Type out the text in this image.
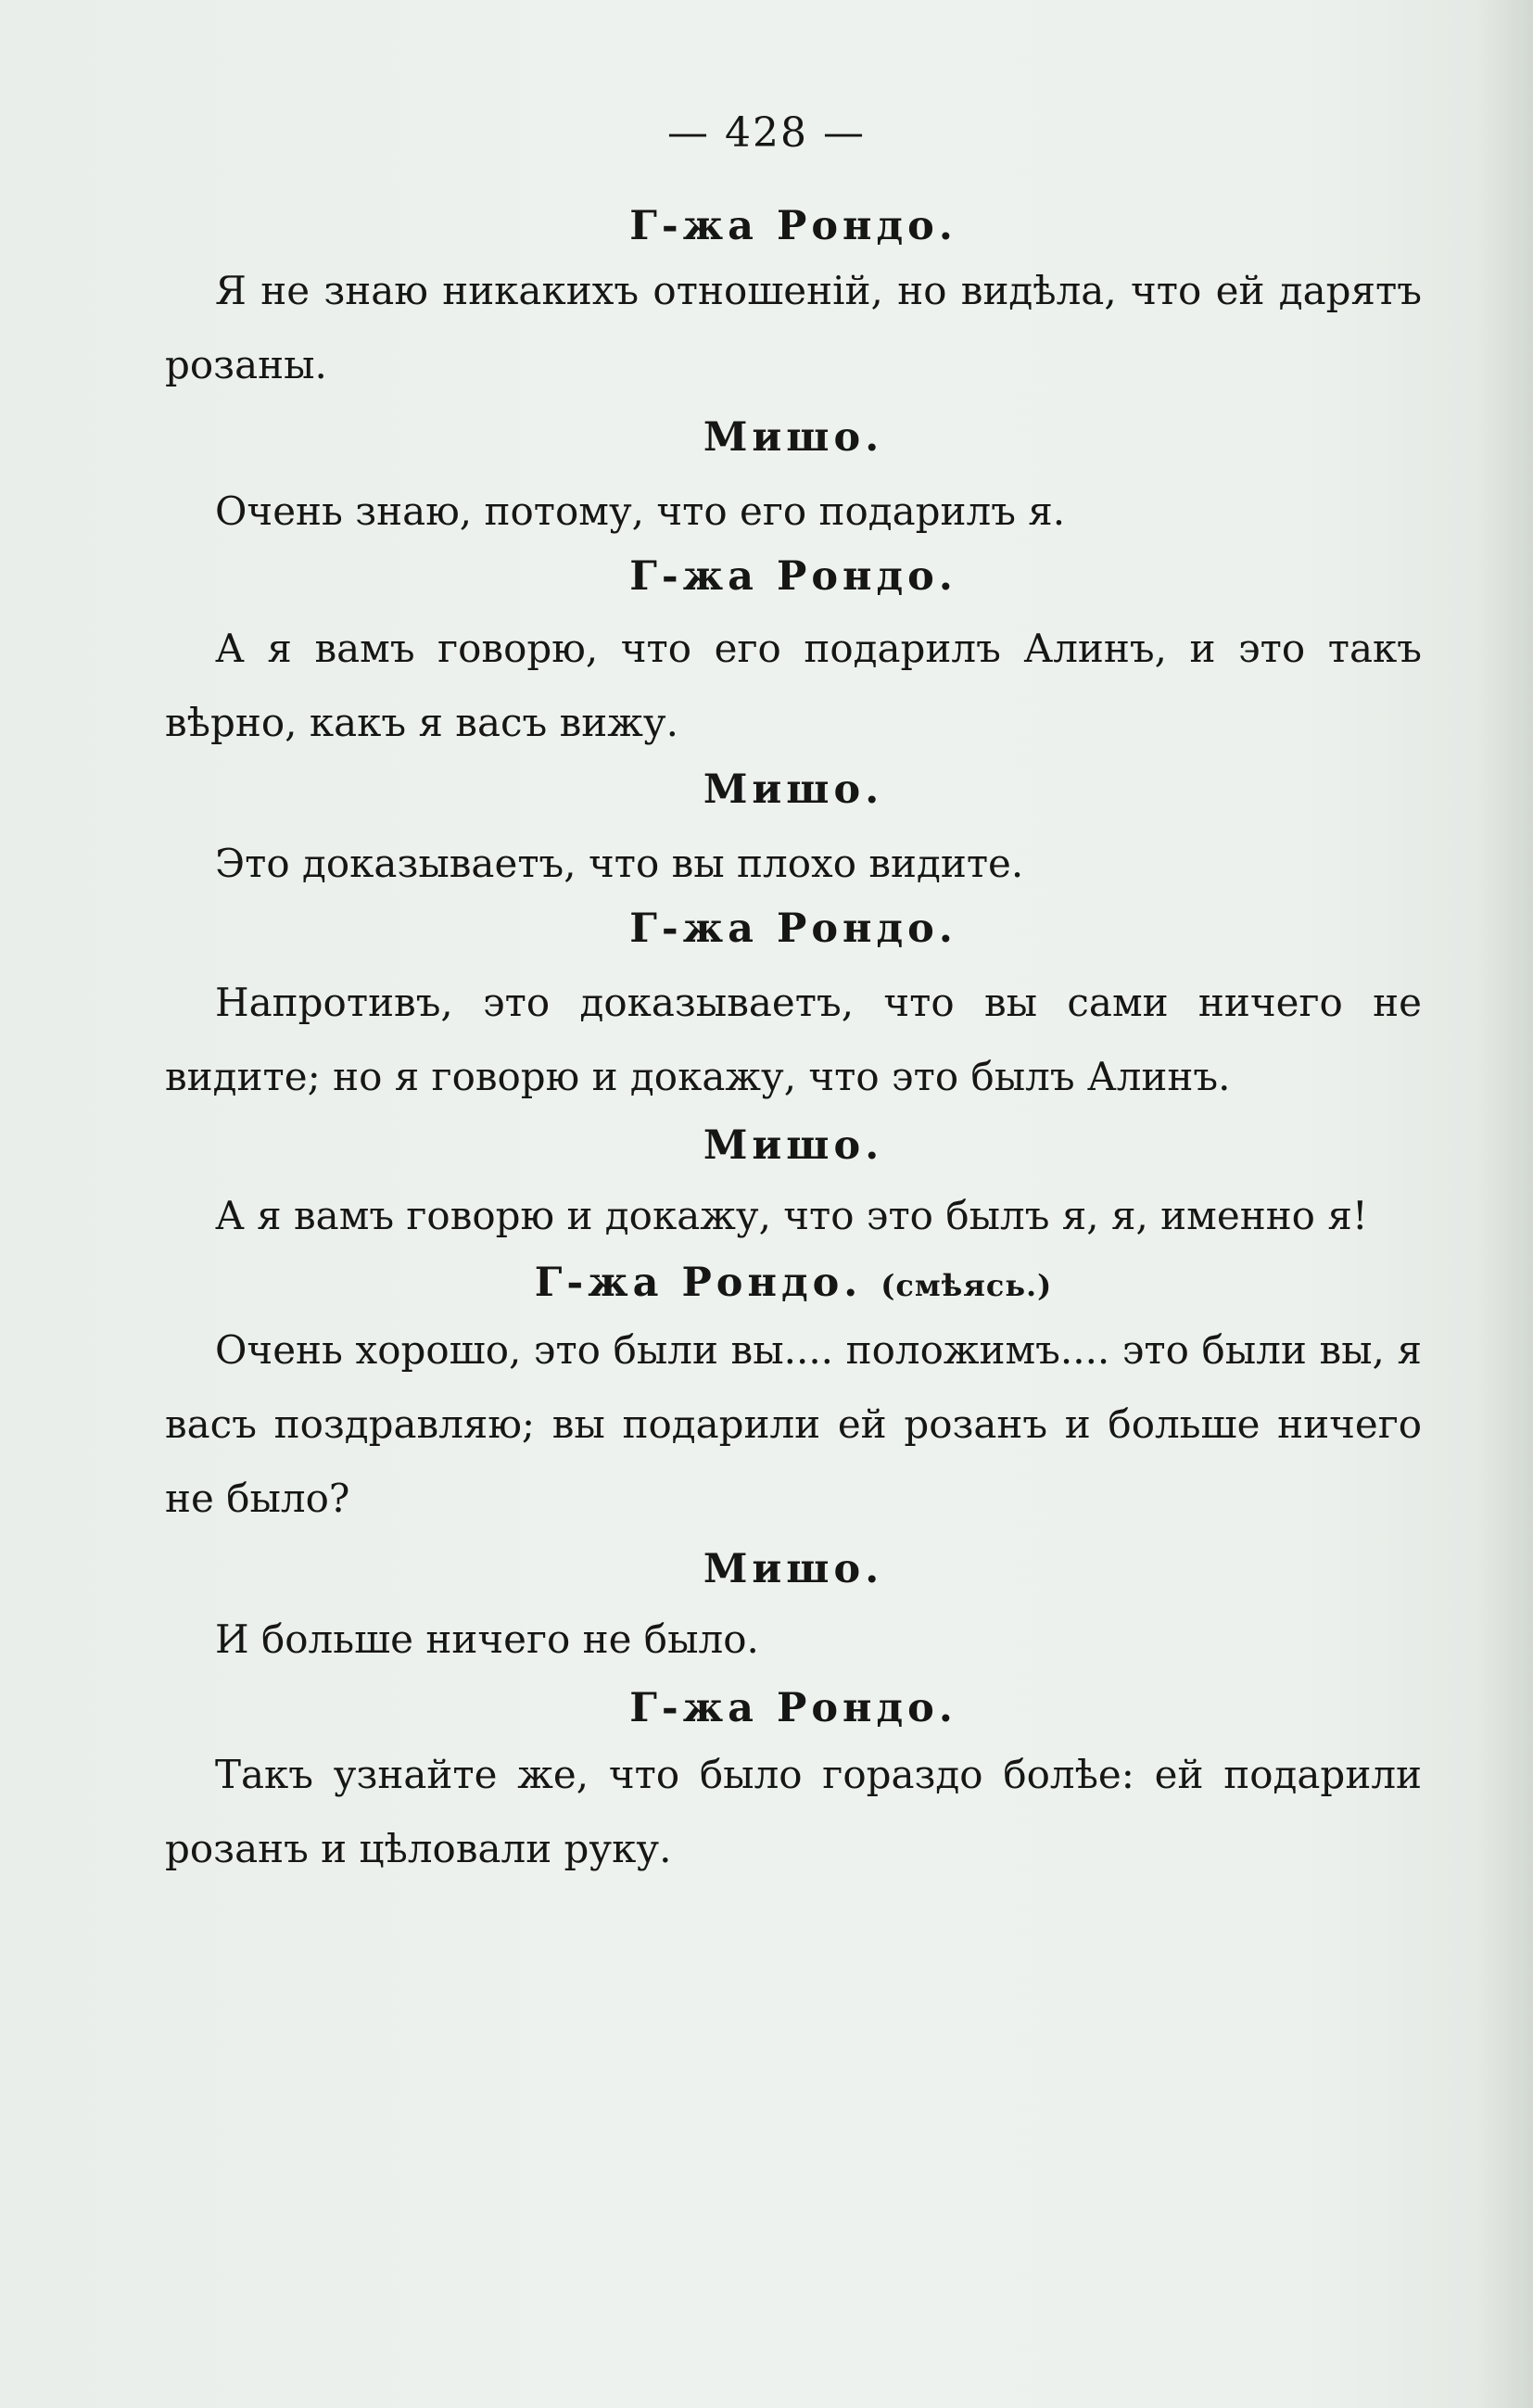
— 428 —
Г-жа Рондо.

Я не знаю никакихъ отношеній, но видѣла, что ей дарятъ розаны.

Мишо.

Очень знаю, потому, что его подарилъ я.

Г-жа Рондо.

А я вамъ говорю, что его подарилъ Алинъ, и это такъ вѣрно, какъ я васъ вижу.

Мишо.

Это доказываетъ, что вы плохо видите.

Г-жа Рондо.

Напротивъ, это доказываетъ, что вы сами ничего не видите; но я говорю и докажу, что это былъ Алинъ.

Мишо.

А я вамъ говорю и докажу, что это былъ я, я, именно я!

Г-жа Рондо. (смѣясь.)

Очень хорошо, это были вы.... положимъ.... это были вы, я васъ поздравляю; вы подарили ей розанъ и больше ничего не было?

Мишо.

И больше ничего не было.

Г-жа Рондо.

Такъ узнайте же, что было гораздо болѣе: ей подарили розанъ и цѣловали руку.
